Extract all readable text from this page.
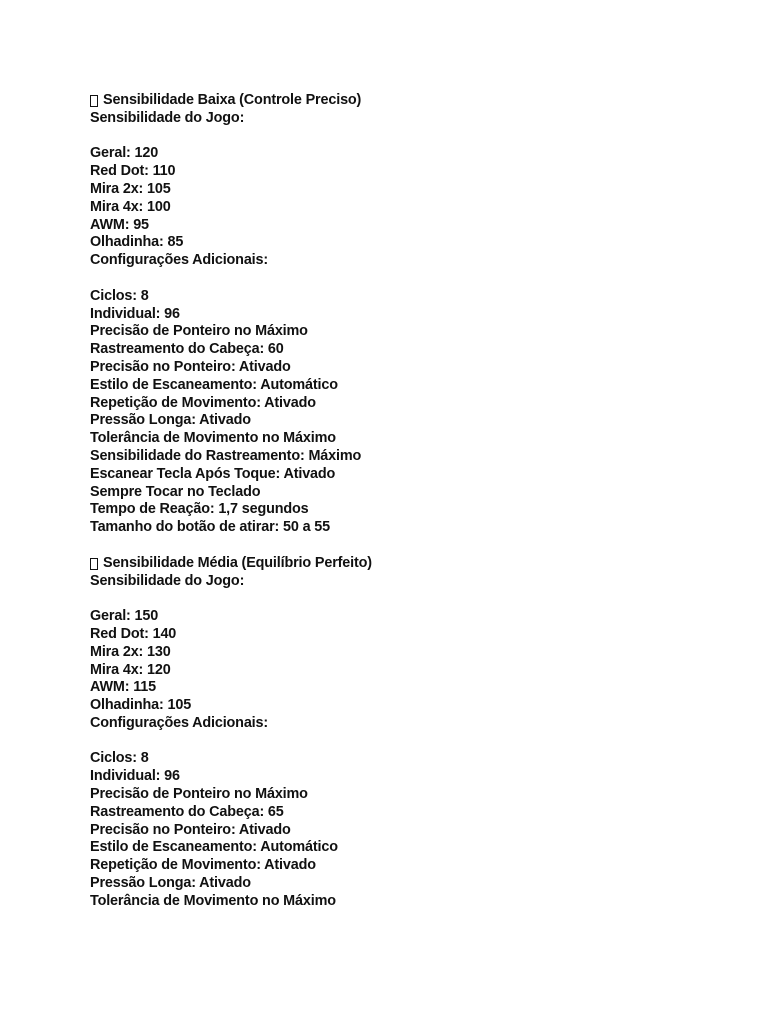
Sensibilidade Baixa (Controle Preciso)
Sensibilidade do Jogo:
Geral: 120
Red Dot: 110
Mira 2x: 105
Mira 4x: 100
AWM: 95
Olhadinha: 85
Configurações Adicionais:
Ciclos: 8
Individual: 96
Precisão de Ponteiro no Máximo
Rastreamento do Cabeça: 60
Precisão no Ponteiro: Ativado
Estilo de Escaneamento: Automático
Repetição de Movimento: Ativado
Pressão Longa: Ativado
Tolerância de Movimento no Máximo
Sensibilidade do Rastreamento: Máximo
Escanear Tecla Após Toque: Ativado
Sempre Tocar no Teclado
Tempo de Reação: 1,7 segundos
Tamanho do botão de atirar: 50 a 55
Sensibilidade Média (Equilíbrio Perfeito)
Sensibilidade do Jogo:
Geral: 150
Red Dot: 140
Mira 2x: 130
Mira 4x: 120
AWM: 115
Olhadinha: 105
Configurações Adicionais:
Ciclos: 8
Individual: 96
Precisão de Ponteiro no Máximo
Rastreamento do Cabeça: 65
Precisão no Ponteiro: Ativado
Estilo de Escaneamento: Automático
Repetição de Movimento: Ativado
Pressão Longa: Ativado
Tolerância de Movimento no Máximo
